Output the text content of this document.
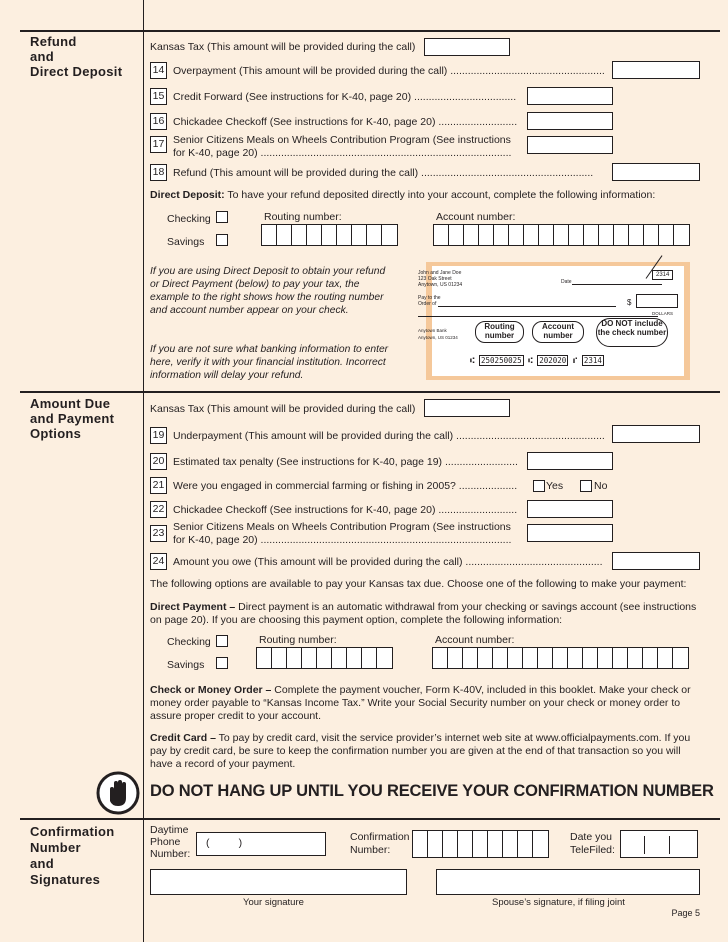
Refund
and
Direct Deposit
Kansas Tax (This amount will be provided during the call)
14 Overpayment (This amount will be provided during the call) .....................................................
15 Credit Forward (See instructions for K-40, page 20) ...................................
16 Chickadee Checkoff (See instructions for K-40, page 20) ...........................
17 Senior Citizens Meals on Wheels Contribution Program (See instructions
for K-40, page 20) ......................................................................................
18 Refund (This amount will be provided during the call) ...........................................................
Direct Deposit: To have your refund deposited directly into your account, complete the following information:
Checking
Savings
Routing number:	Account number:
If you are using Direct Deposit to obtain your refund or Direct Payment (below) to pay your tax, the example to the right shows how the routing number and account number appear on your check.
If you are not sure what banking information to enter here, verify it with your financial institution. Incorrect information will delay your refund.
John and Jane Doe
123 Oak Street
Anytown, US 01234
2314
Date
Pay to the
Order of	$
DOLLARS
Anytown Bank
Anytown, US 01234
Routing number
Account number
DO NOT include the check number
⑆ 250250025 ⑆ 202020 ⑈ 2314
Amount Due
and Payment
Options
Kansas Tax (This amount will be provided during the call)
19 Underpayment (This amount will be provided during the call) ...................................................
20 Estimated tax penalty (See instructions for K-40, page 19) .........................
21 Were you engaged in commercial farming or fishing in 2005? ....................	Yes	No
22 Chickadee Checkoff (See instructions for K-40, page 20) ...........................
23 Senior Citizens Meals on Wheels Contribution Program (See instructions
for K-40, page 20) ......................................................................................
24 Amount you owe (This amount will be provided during the call) ...............................................
The following options are available to pay your Kansas tax due. Choose one of the following to make your payment:
Direct Payment – Direct payment is an automatic withdrawal from your checking or savings account (see instructions on page 20). If you are choosing this payment option, complete the following information:
Checking
Savings
Routing number:	Account number:
Check or Money Order – Complete the payment voucher, Form K-40V, included in this booklet. Make your check or money order payable to “Kansas Income Tax.” Write your Social Security number on your check or money order to assure proper credit to your account.
Credit Card – To pay by credit card, visit the service provider’s internet web site at www.officialpayments.com. If you pay by credit card, be sure to keep the confirmation number you are given at the end of that transaction so you will have a record of your payment.
DO NOT HANG UP UNTIL YOU RECEIVE YOUR CONFIRMATION NUMBER
Confirmation
Number
and
Signatures
Daytime
Phone
Number:
(          )	Confirmation
Number:
Date you
TeleFiled:
Your signature	Spouse’s signature, if filing joint
Page 5
